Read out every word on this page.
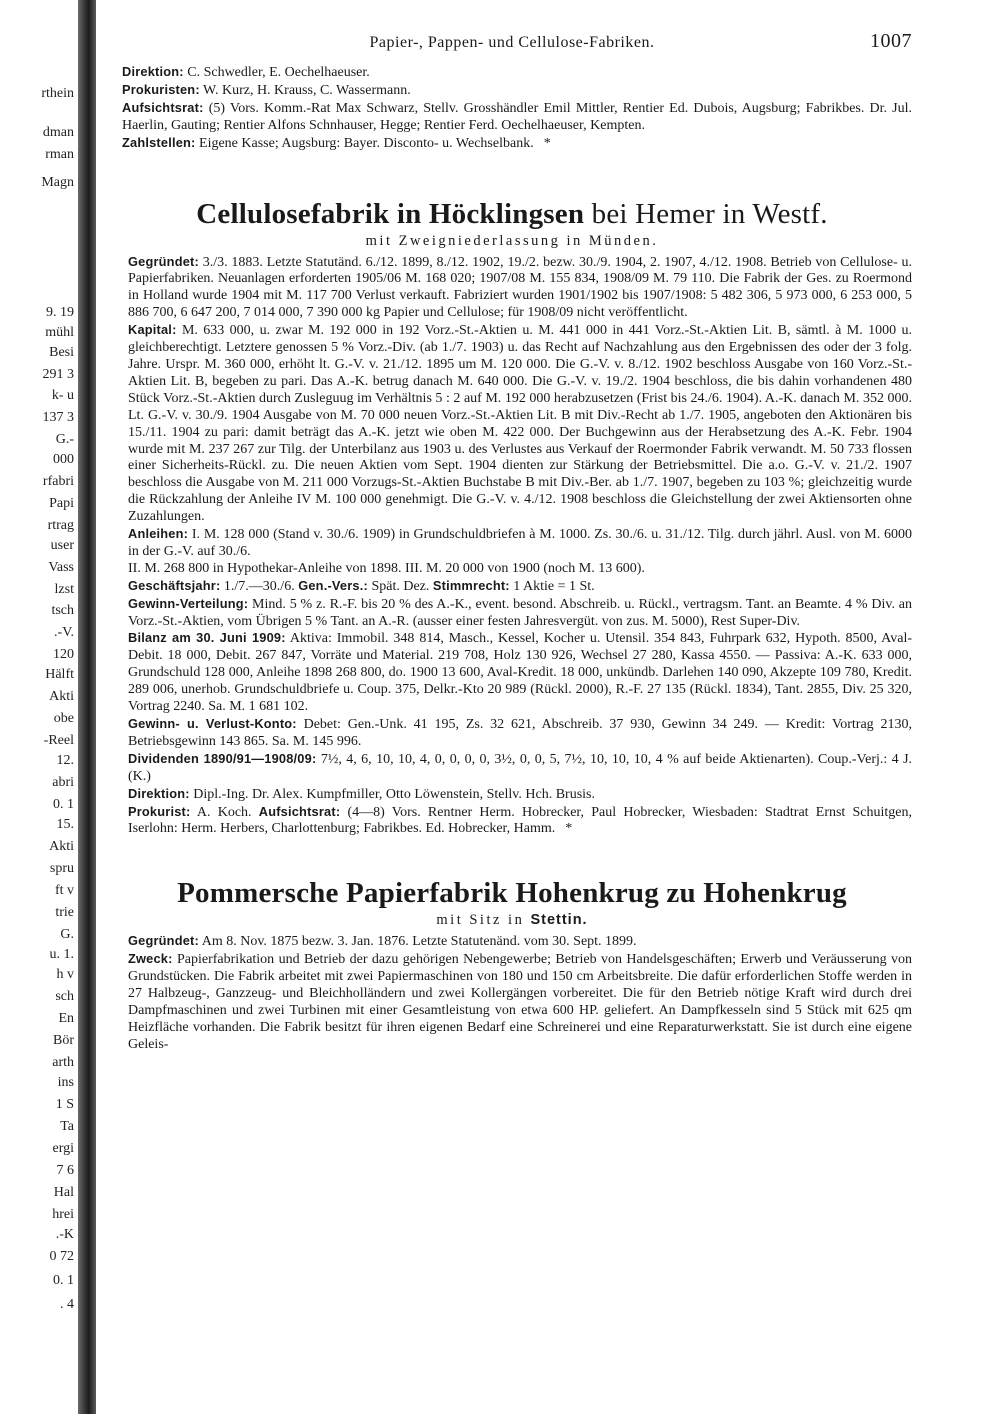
rthein
dman
rman
Magn
9. 19
mühl
Besi
291 3
k- u
137 3
G.-
000
rfabri
Papi
rtrag
user
Vass
lzst
tsch
.-V.
120
Hälft
Akti
obe
-Reel
12.
abri
0. 1
15.
Akti
spru
ft v
trie
G.
u. 1.
h v
sch
En
Bör
arth
ins
1 S
Ta
ergi
7 6
Hal
hrei
.-K
0 72
0. 1
. 4
Papier-, Pappen- und Cellulose-Fabriken.	1007

Direktion: C. Schwedler, E. Oechelhaeuser.

Prokuristen: W. Kurz, H. Krauss, C. Wassermann.

Aufsichtsrat: (5) Vors. Komm.-Rat Max Schwarz, Stellv. Grosshändler Emil Mittler, Rentier Ed. Dubois, Augsburg; Fabrikbes. Dr. Jul. Haerlin, Gauting; Rentier Alfons Schnhauser, Hegge; Rentier Ferd. Oechelhaeuser, Kempten.

Zahlstellen: Eigene Kasse; Augsburg: Bayer. Disconto- u. Wechselbank. *

Cellulosefabrik in Höcklingsen bei Hemer in Westf.
mit Zweigniederlassung in Münden.

Gegründet: 3./3. 1883. Letzte Statutänd. 6./12. 1899, 8./12. 1902, 19./2. bezw. 30./9. 1904, 2. 1907, 4./12. 1908. Betrieb von Cellulose- u. Papierfabriken. Neuanlagen erforderten 1905/06 M. 168 020; 1907/08 M. 155 834, 1908/09 M. 79 110. Die Fabrik der Ges. zu Roermond in Holland wurde 1904 mit M. 117 700 Verlust verkauft. Fabriziert wurden 1901/1902 bis 1907/1908: 5 482 306, 5 973 000, 6 253 000, 5 886 700, 6 647 200, 7 014 000, 7 390 000 kg Papier und Cellulose; für 1908/09 nicht veröffentlicht.

Kapital: M. 633 000, u. zwar M. 192 000 in 192 Vorz.-St.-Aktien u. M. 441 000 in 441 Vorz.-St.-Aktien Lit. B, sämtl. à M. 1000 u. gleichberechtigt. Letztere genossen 5 % Vorz.-Div. (ab 1./7. 1903) u. das Recht auf Nachzahlung aus den Ergebnissen des oder der 3 folg. Jahre. Urspr. M. 360 000, erhöht lt. G.-V. v. 21./12. 1895 um M. 120 000. Die G.-V. v. 8./12. 1902 beschloss Ausgabe von 160 Vorz.-St.-Aktien Lit. B, begeben zu pari. Das A.-K. betrug danach M. 640 000. Die G.-V. v. 19./2. 1904 beschloss, die bis dahin vorhandenen 480 Stück Vorz.-St.-Aktien durch Zusleguug im Verhältnis 5 : 2 auf M. 192 000 herabzusetzen (Frist bis 24./6. 1904). A.-K. danach M. 352 000. Lt. G.-V. v. 30./9. 1904 Ausgabe von M. 70 000 neuen Vorz.-St.-Aktien Lit. B mit Div.-Recht ab 1./7. 1905, angeboten den Aktionären bis 15./11. 1904 zu pari: damit beträgt das A.-K. jetzt wie oben M. 422 000. Der Buchgewinn aus der Herabsetzung des A.-K. Febr. 1904 wurde mit M. 237 267 zur Tilg. der Unterbilanz aus 1903 u. des Verlustes aus Verkauf der Roermonder Fabrik verwandt. M. 50 733 flossen einer Sicherheits-Rückl. zu. Die neuen Aktien vom Sept. 1904 dienten zur Stärkung der Betriebsmittel. Die a.o. G.-V. v. 21./2. 1907 beschloss die Ausgabe von M. 211 000 Vorzugs-St.-Aktien Buchstabe B mit Div.-Ber. ab 1./7. 1907, begeben zu 103 %; gleichzeitig wurde die Rückzahlung der Anleihe IV M. 100 000 genehmigt. Die G.-V. v. 4./12. 1908 beschloss die Gleichstellung der zwei Aktiensorten ohne Zuzahlungen.

Anleihen: I. M. 128 000 (Stand v. 30./6. 1909) in Grundschuldbriefen à M. 1000. Zs. 30./6. u. 31./12. Tilg. durch jährl. Ausl. von M. 6000 in der G.-V. auf 30./6.

II. M. 268 800 in Hypothekar-Anleihe von 1898. III. M. 20 000 von 1900 (noch M. 13 600).

Geschäftsjahr: 1./7.—30./6. Gen.-Vers.: Spät. Dez. Stimmrecht: 1 Aktie = 1 St.

Gewinn-Verteilung: Mind. 5 % z. R.-F. bis 20 % des A.-K., event. besond. Abschreib. u. Rückl., vertragsm. Tant. an Beamte. 4 % Div. an Vorz.-St.-Aktien, vom Übrigen 5 % Tant. an A.-R. (ausser einer festen Jahresvergüt. von zus. M. 5000), Rest Super-Div.

Bilanz am 30. Juni 1909: Aktiva: Immobil. 348 814, Masch., Kessel, Kocher u. Utensil. 354 843, Fuhrpark 632, Hypoth. 8500, Aval-Debit. 18 000, Debit. 267 847, Vorräte und Material. 219 708, Holz 130 926, Wechsel 27 280, Kassa 4550. — Passiva: A.-K. 633 000, Grundschuld 128 000, Anleihe 1898 268 800, do. 1900 13 600, Aval-Kredit. 18 000, unkündb. Darlehen 140 090, Akzepte 109 780, Kredit. 289 006, unerhob. Grundschuldbriefe u. Coup. 375, Delkr.-Kto 20 989 (Rückl. 2000), R.-F. 27 135 (Rückl. 1834), Tant. 2855, Div. 25 320, Vortrag 2240. Sa. M. 1 681 102.

Gewinn- u. Verlust-Konto: Debet: Gen.-Unk. 41 195, Zs. 32 621, Abschreib. 37 930, Gewinn 34 249. — Kredit: Vortrag 2130, Betriebsgewinn 143 865. Sa. M. 145 996.

Dividenden 1890/91—1908/09: 7½, 4, 6, 10, 10, 4, 0, 0, 0, 0, 3½, 0, 0, 5, 7½, 10, 10, 10, 4 % auf beide Aktienarten). Coup.-Verj.: 4 J. (K.)

Direktion: Dipl.-Ing. Dr. Alex. Kumpfmiller, Otto Löwenstein, Stellv. Hch. Brusis.

Prokurist: A. Koch. Aufsichtsrat: (4—8) Vors. Rentner Herm. Hobrecker, Paul Hobrecker, Wiesbaden: Stadtrat Ernst Schuitgen, Iserlohn: Herm. Herbers, Charlottenburg; Fabrikbes. Ed. Hobrecker, Hamm. *

Pommersche Papierfabrik Hohenkrug zu Hohenkrug
mit Sitz in Stettin.

Gegründet: Am 8. Nov. 1875 bezw. 3. Jan. 1876. Letzte Statutenänd. vom 30. Sept. 1899.

Zweck: Papierfabrikation und Betrieb der dazu gehörigen Nebengewerbe; Betrieb von Handelsgeschäften; Erwerb und Veräusserung von Grundstücken. Die Fabrik arbeitet mit zwei Papiermaschinen von 180 und 150 cm Arbeitsbreite. Die dafür erforderlichen Stoffe werden in 27 Halbzeug-, Ganzzeug- und Bleichholländern und zwei Kollergängen vorbereitet. Die für den Betrieb nötige Kraft wird durch drei Dampfmaschinen und zwei Turbinen mit einer Gesamtleistung von etwa 600 HP. geliefert. An Dampfkesseln sind 5 Stück mit 625 qm Heizfläche vorhanden. Die Fabrik besitzt für ihren eigenen Bedarf eine Schreinerei und eine Reparaturwerkstatt. Sie ist durch eine eigene Geleis-
